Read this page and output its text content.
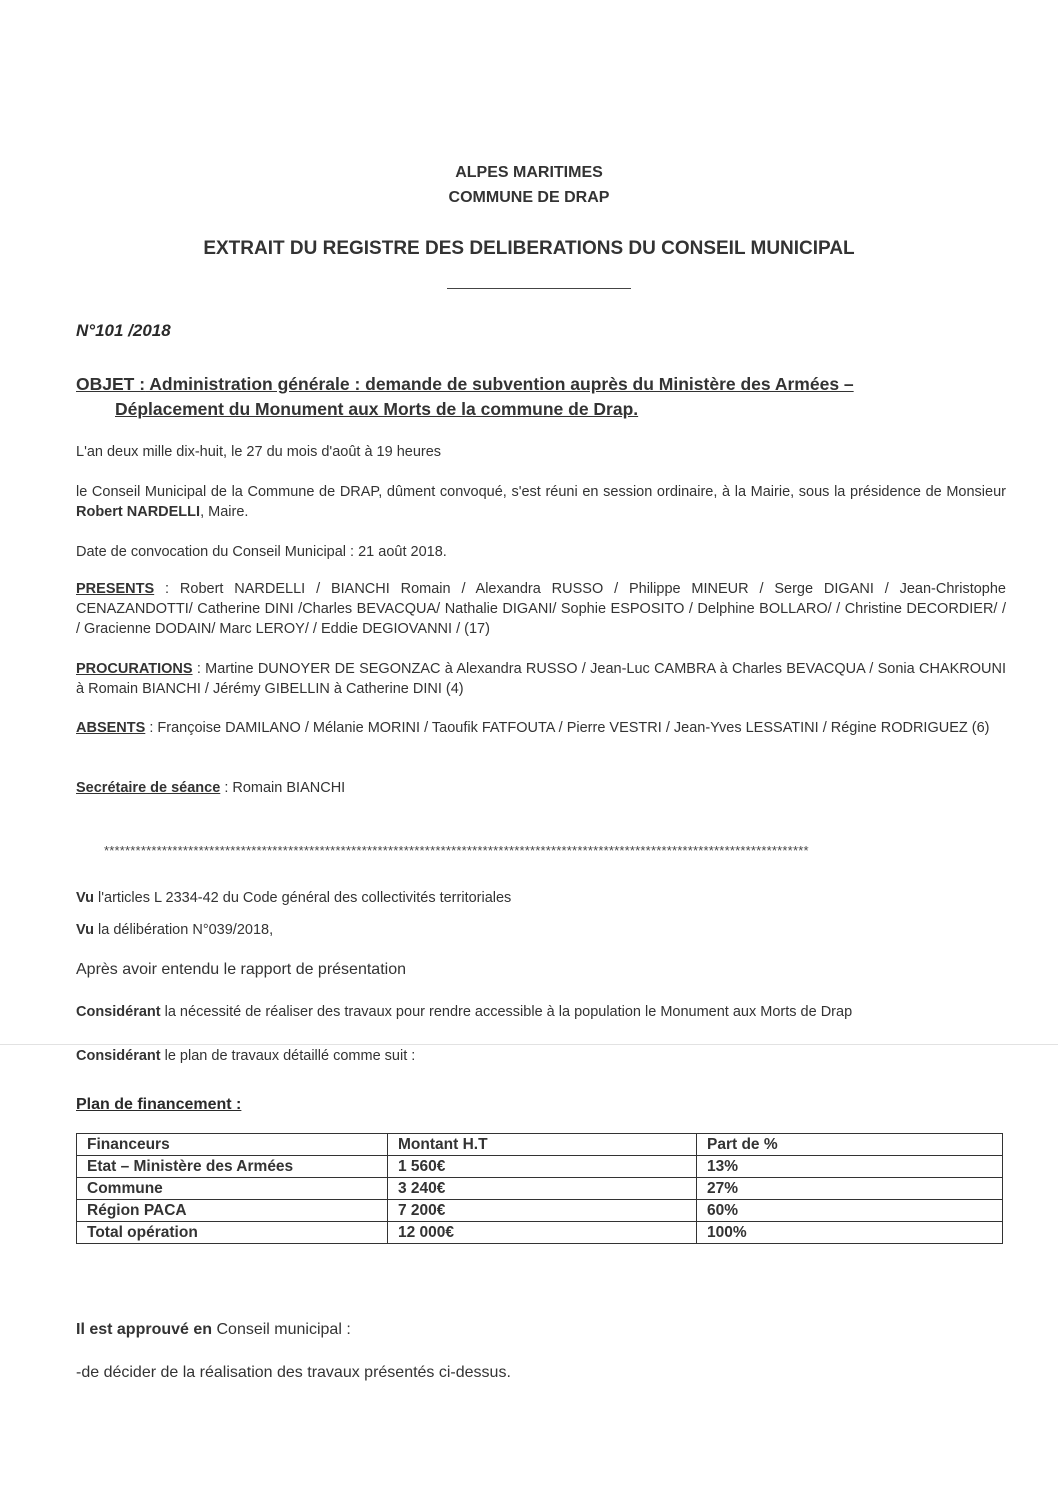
ALPES MARITIMES
COMMUNE DE DRAP
EXTRAIT DU REGISTRE DES DELIBERATIONS DU CONSEIL MUNICIPAL
N°101 /2018
OBJET : Administration générale : demande de subvention auprès du Ministère des Armées –
Déplacement du Monument aux Morts de la commune de Drap.
L'an deux mille dix-huit, le 27 du mois d'août à 19 heures
le Conseil Municipal de la Commune de DRAP, dûment convoqué, s'est réuni en session ordinaire, à la Mairie, sous la présidence de Monsieur Robert NARDELLI, Maire.
Date de convocation du Conseil Municipal : 21 août 2018.
PRESENTS : Robert NARDELLI / BIANCHI Romain / Alexandra RUSSO / Philippe MINEUR / Serge DIGANI / Jean-Christophe CENAZANDOTTI/ Catherine DINI /Charles BEVACQUA/ Nathalie DIGANI/ Sophie ESPOSITO / Delphine BOLLARO/ / Christine DECORDIER/ / / Gracienne DODAIN/ Marc LEROY/ / Eddie DEGIOVANNI / (17)
PROCURATIONS : Martine DUNOYER DE SEGONZAC à Alexandra RUSSO / Jean-Luc CAMBRA à Charles BEVACQUA / Sonia CHAKROUNI à Romain BIANCHI / Jérémy GIBELLIN à Catherine DINI (4)
ABSENTS : Françoise DAMILANO / Mélanie MORINI / Taoufik FATFOUTA / Pierre VESTRI / Jean-Yves LESSATINI / Régine RODRIGUEZ (6)
Secrétaire de séance : Romain BIANCHI
**************************************************************************************************************************************
Vu l'articles L 2334-42 du Code général des collectivités territoriales
Vu la délibération N°039/2018,
Après avoir entendu le rapport de présentation
Considérant la nécessité de réaliser des travaux pour rendre accessible à la population le Monument aux Morts de Drap
Considérant le plan de travaux détaillé comme suit :
Plan de financement :
Financeurs	Montant H.T	Part de %
Etat – Ministère des Armées	1 560€	13%
Commune	3 240€	27%
Région PACA	7 200€	60%
Total opération	12 000€	100%
Il est approuvé en Conseil municipal :
-de décider de la réalisation des travaux présentés ci-dessus.
